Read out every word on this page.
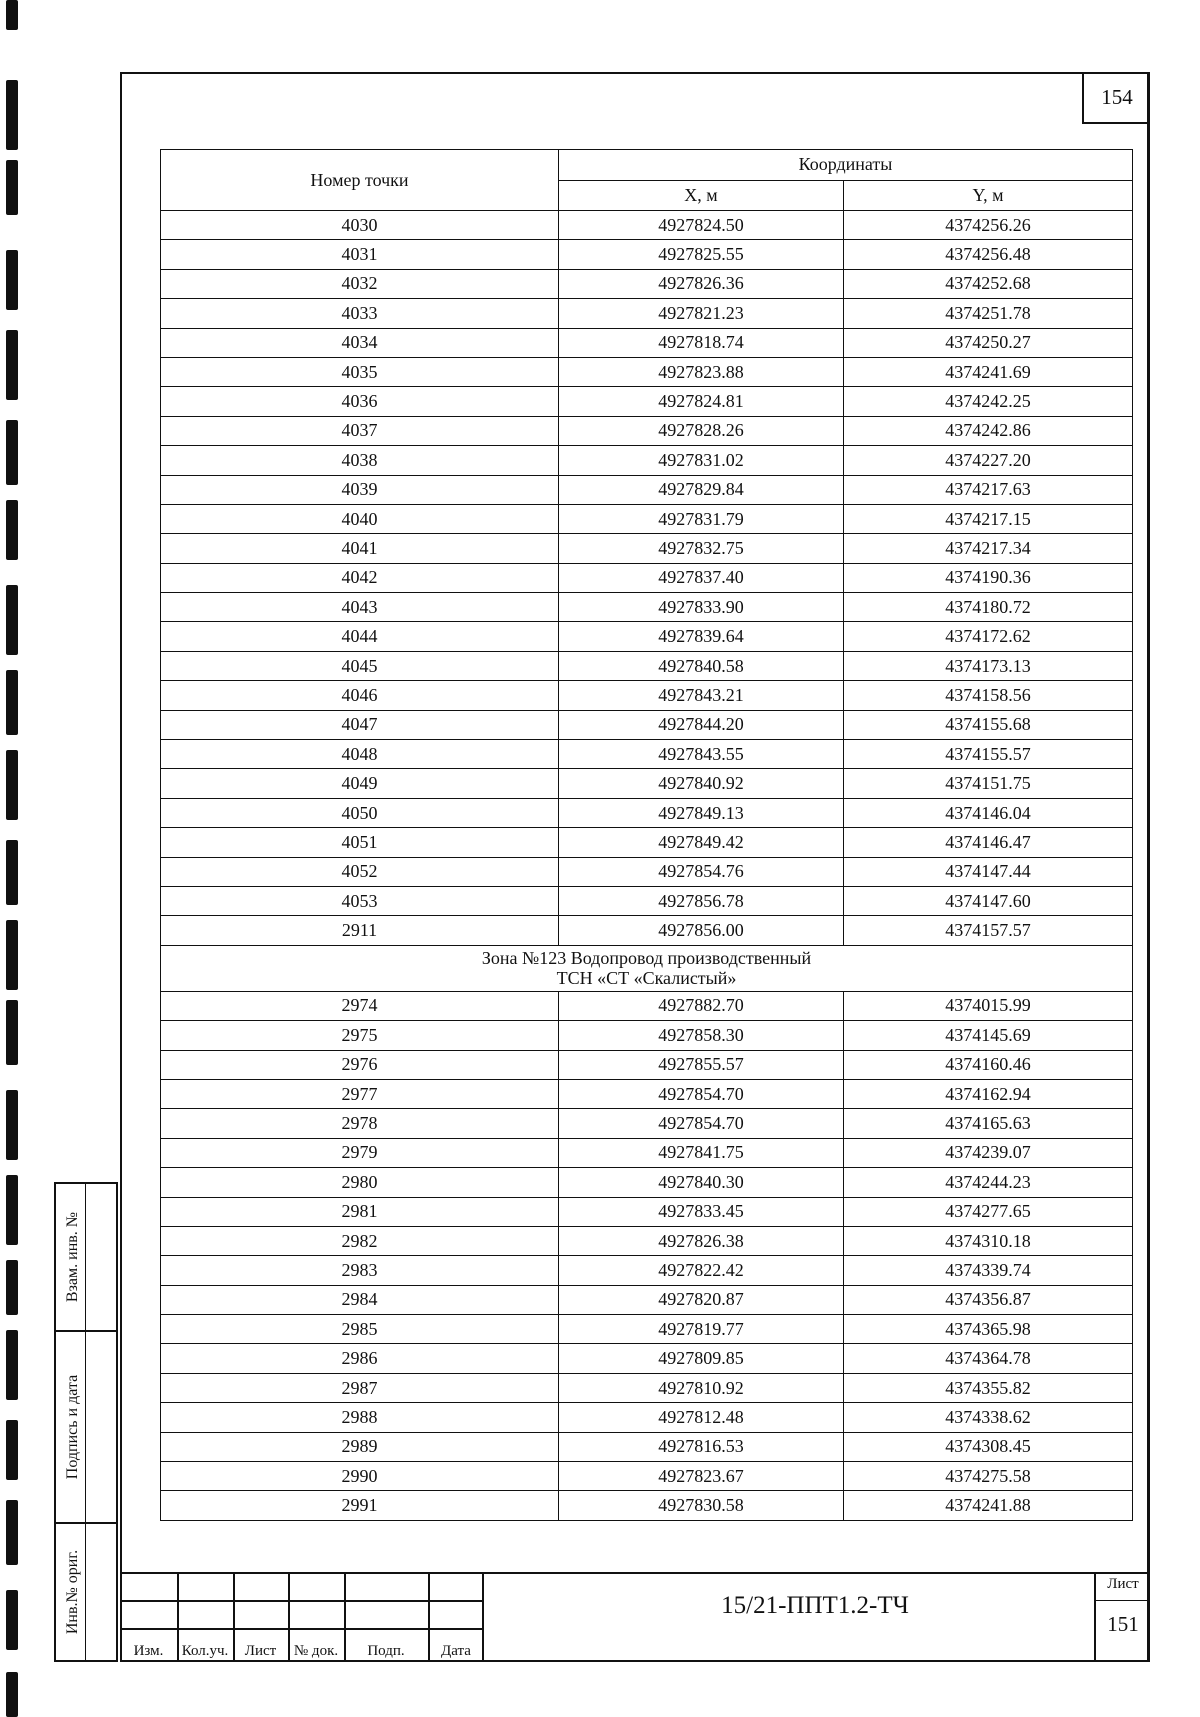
154
Номер точки	Координаты	
	X, м	Y, м
4030	4927824.50	4374256.26
4031	4927825.55	4374256.48
4032	4927826.36	4374252.68
4033	4927821.23	4374251.78
4034	4927818.74	4374250.27
4035	4927823.88	4374241.69
4036	4927824.81	4374242.25
4037	4927828.26	4374242.86
4038	4927831.02	4374227.20
4039	4927829.84	4374217.63
4040	4927831.79	4374217.15
4041	4927832.75	4374217.34
4042	4927837.40	4374190.36
4043	4927833.90	4374180.72
4044	4927839.64	4374172.62
4045	4927840.58	4374173.13
4046	4927843.21	4374158.56
4047	4927844.20	4374155.68
4048	4927843.55	4374155.57
4049	4927840.92	4374151.75
4050	4927849.13	4374146.04
4051	4927849.42	4374146.47
4052	4927854.76	4374147.44
4053	4927856.78	4374147.60
2911	4927856.00	4374157.57

Зона №123 Водопровод производственный
ТСН «СТ «Скалистый»		

2974	4927882.70	4374015.99
2975	4927858.30	4374145.69
2976	4927855.57	4374160.46
2977	4927854.70	4374162.94
2978	4927854.70	4374165.63
2979	4927841.75	4374239.07
2980	4927840.30	4374244.23
2981	4927833.45	4374277.65
2982	4927826.38	4374310.18
2983	4927822.42	4374339.74
2984	4927820.87	4374356.87
2985	4927819.77	4374365.98
2986	4927809.85	4374364.78
2987	4927810.92	4374355.82
2988	4927812.48	4374338.62
2989	4927816.53	4374308.45
2990	4927823.67	4374275.58
2991	4927830.58	4374241.88
Взам. инв. №
Подпись и дата
Инв.№ ориг.
Изм.	Кол.уч.	Лист	№ док.	Подп.	Дата
15/21-ППТ1.2-ТЧ
Лист
151
